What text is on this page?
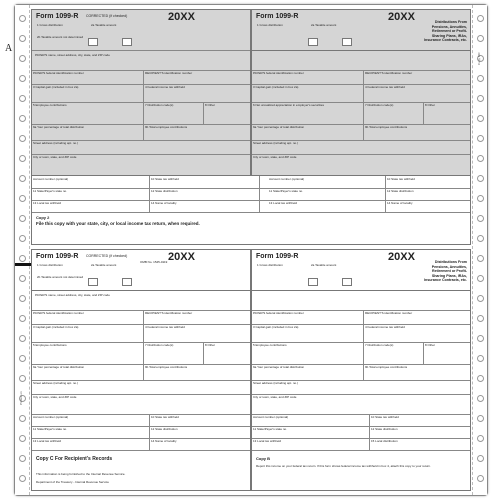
A
Printed on
Copy B/C
Form 1099-R CORRECTED (if checked)	20XX
1 Gross distribution	2a Taxable amount
2b Taxable amount not determined
PAYER'S name, street address, city, state, and ZIP code
PAYER'S federal identification number	RECIPIENT'S identification number
3 Capital gain (included in box 2a)	4 Federal income tax withheld
5 Employee contributions	7 Distribution code(s)	8 Other
9a Your percentage of total distribution	9b Total employee contributions
Street address (including apt. no.)
City or town, state, and ZIP code
Form 1099-R	20XX	Distributions From Pensions, Annuities, Retirement or Profit-Sharing Plans, IRAs, Insurance Contracts, etc.
1 Gross distribution	2a Taxable amount
PAYER'S federal identification number	RECIPIENT'S identification number
3 Capital gain (included in box 2a)	4 Federal income tax withheld
6 Net unrealized appreciation in employer's securities	7 Distribution code(s)	8 Other
9a Your percentage of total distribution	9b Total employee contributions
Street address (including apt. no.)
City or town, state, and ZIP code
Account number (optional)	10 State tax withheld	Account number (optional)	10 State tax withheld
11 State/Payer's state no.	12 State distribution	11 State/Payer's state no.	12 State distribution
13 Local tax withheld	14 Name of locality	13 Local tax withheld	14 Name of locality
Copy 2
File this copy with your state, city, or local income tax return, when required.
Form 1099-R CORRECTED (if checked)
OMB No. 1545-0119 20XX
1 Gross distribution	2a Taxable amount
2b Taxable amount not determined
PAYER'S name, street address, city, state, and ZIP code
PAYER'S federal identification number	RECIPIENT'S identification number
3 Capital gain (included in box 2a)	4 Federal income tax withheld
5 Employee contributions	7 Distribution code(s)	8 Other
9a Your percentage of total distribution	9b Total employee contributions
Street address (including apt. no.)
City or town, state, and ZIP code
Account number (optional)	10 State tax withheld
11 State/Payer's state no.	12 State distribution
13 Local tax withheld	14 Name of locality
Copy C For Recipient's Records
This information is being furnished to the Internal Revenue Service.
Department of the Treasury - Internal Revenue Service
Form 1099-R	20XX	Distributions From Pensions, Annuities, Retirement or Profit-Sharing Plans, IRAs, Insurance Contracts, etc.
1 Gross distribution	2a Taxable amount
PAYER'S federal identification number	RECIPIENT'S identification number
3 Capital gain (included in box 2a)	4 Federal income tax withheld
5 Employee contributions	7 Distribution code(s)	8 Other
9a Your percentage of total distribution	9b Total employee contributions
Street address (including apt. no.)
City or town, state, and ZIP code
Account number (optional)	10 State tax withheld
11 State/Payer's state no.	12 State distribution
13 Local tax withheld	15 Local distribution
Copy B
Report this income on your federal tax return. If this form shows federal income tax withheld in box 4, attach this copy to your return.
